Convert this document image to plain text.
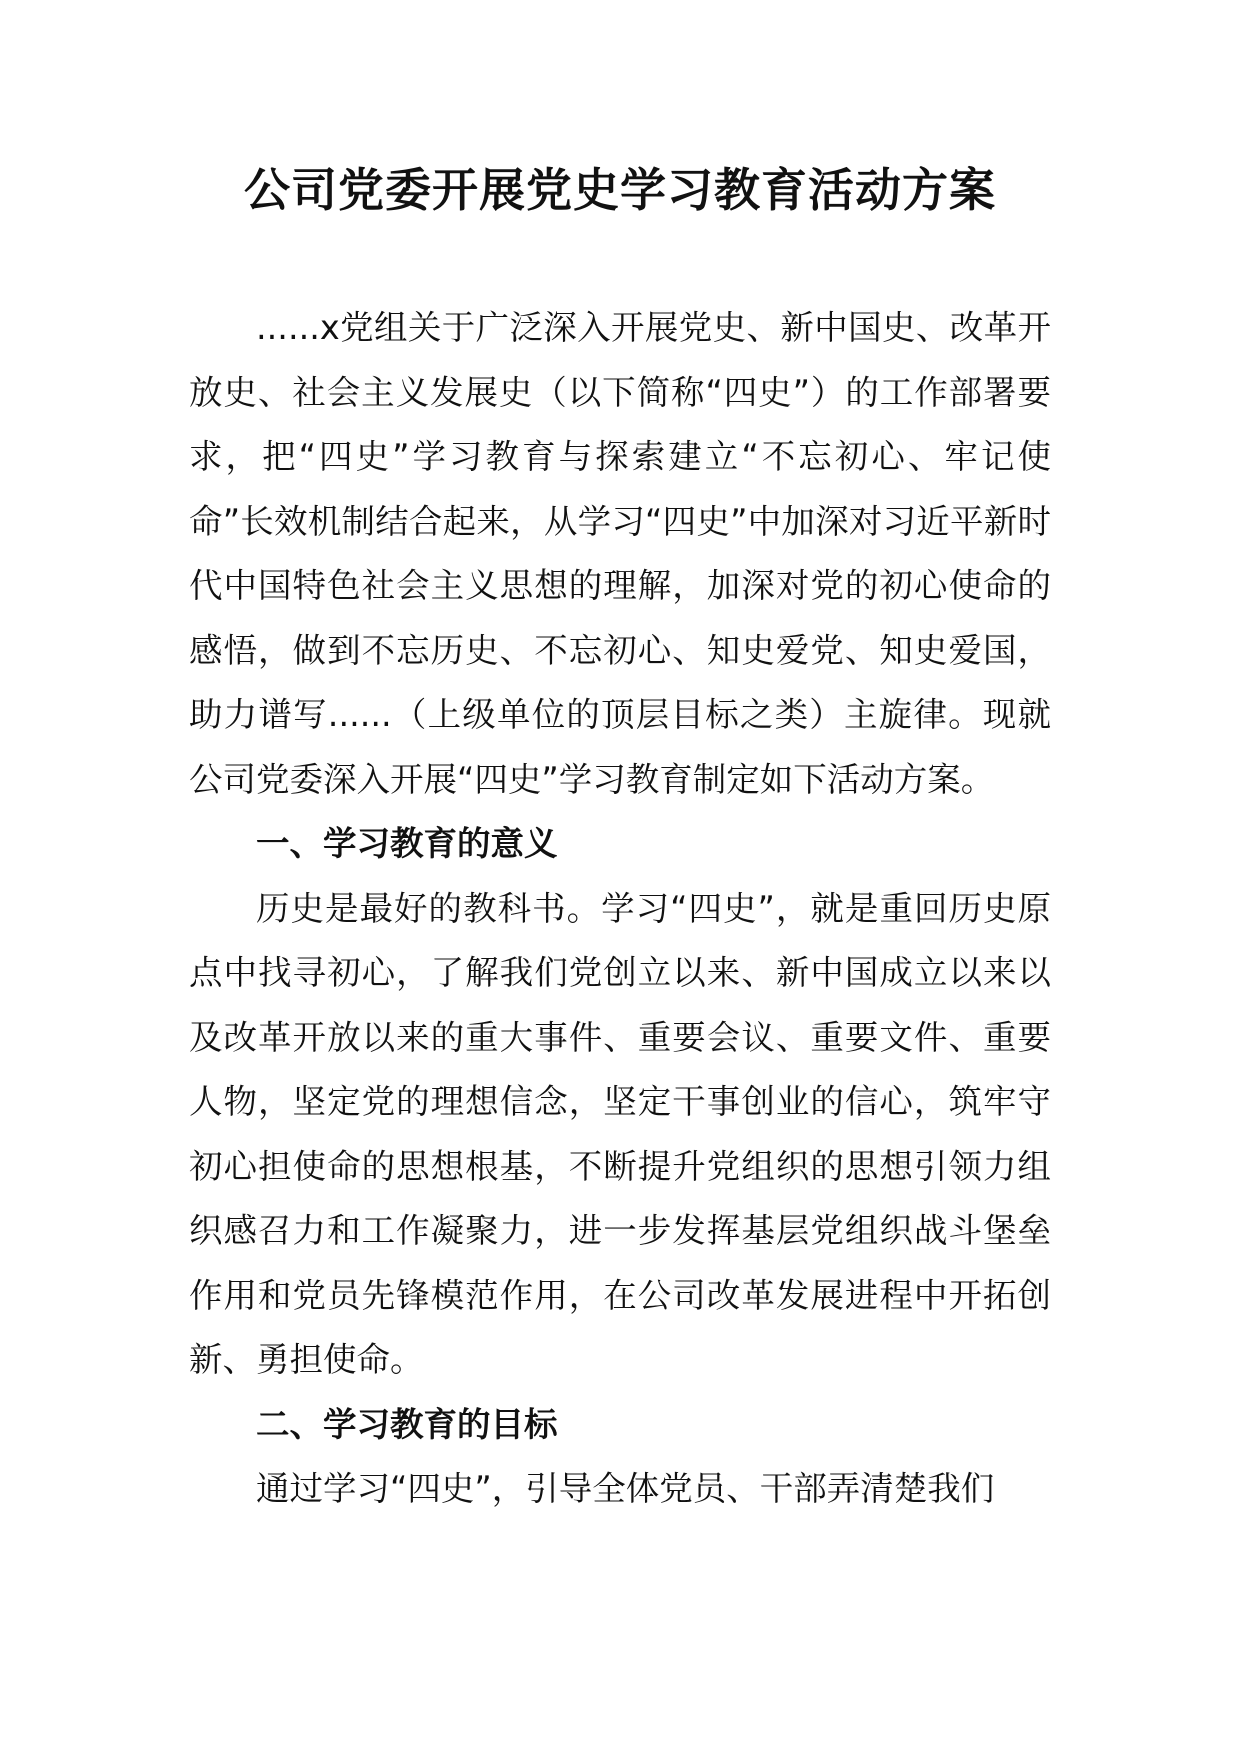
公司党委开展党史学习教育活动方案

......x党组关于广泛深入开展党史、新中国史、改革开放史、社会主义发展史（以下简称“四史”）的工作部署要求，把“四史”学习教育与探索建立“不忘初心、牢记使命”长效机制结合起来，从学习“四史”中加深对习近平新时代中国特色社会主义思想的理解，加深对党的初心使命的感悟，做到不忘历史、不忘初心、知史爱党、知史爱国，助力谱写......（上级单位的顶层目标之类）主旋律。现就公司党委深入开展“四史”学习教育制定如下活动方案。

一、学习教育的意义

历史是最好的教科书。学习“四史”，就是重回历史原点中找寻初心，了解我们党创立以来、新中国成立以来以及改革开放以来的重大事件、重要会议、重要文件、重要人物，坚定党的理想信念，坚定干事创业的信心，筑牢守初心担使命的思想根基，不断提升党组织的思想引领力组织感召力和工作凝聚力，进一步发挥基层党组织战斗堡垒作用和党员先锋模范作用，在公司改革发展进程中开拓创新、勇担使命。

二、学习教育的目标

通过学习“四史”，引导全体党员、干部弄清楚我们
